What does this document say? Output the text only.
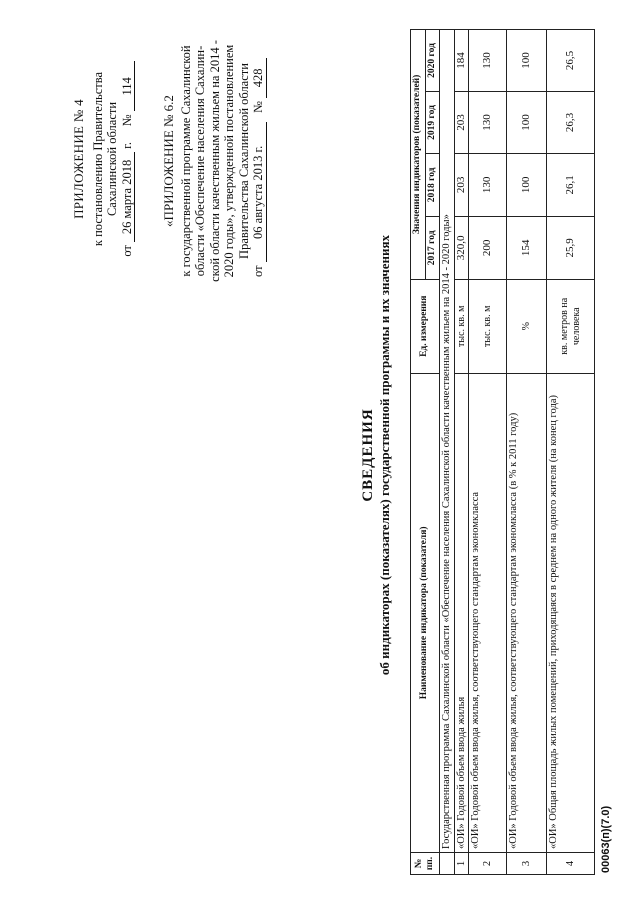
ПРИЛОЖЕНИЕ № 4 к постановлению Правительства Сахалинской области
от 26 марта 2018 г.     № 114
«ПРИЛОЖЕНИЕ № 6.2 к государственной программе Сахалинской области «Обеспечение населения Сахалин- ской области качественным жильем на 2014 - 2020 годы», утвержденной постановлением Правительства Сахалинской области
от 06 августа 2013 г.   № 428
СВЕДЕНИЯ об индикаторах (показателях) государственной программы и их значениях
№ пп.	Наименование индикатора (показателя)	Ед. измерения	Значения индикаторов (показателей)			
			2017 год	2018 год	2019 год	2020 год
	Государственная программа Сахалинской области «Обеспечение населения Сахалинской области качественным жильем на 2014 - 2020 годы»					
1	«ОИ» Годовой объем ввода жилья	тыс. кв. м	320,0	203	203	184
2	«ОИ» Годовой объем ввода жилья, соответствующего стандартам экономкласса	тыс. кв. м	200	130	130	130
3	«ОИ» Годовой объем ввода жилья, соответствующего стандартам экономкласса (в % к 2011 году)	%	154	100	100	100
4	«ОИ» Общая площадь жилых помещений, приходящаяся в среднем на одного жителя (на конец года)	кв. метров на человека	25,9	26,1	26,3	26,5
00063(п)(7.0)
